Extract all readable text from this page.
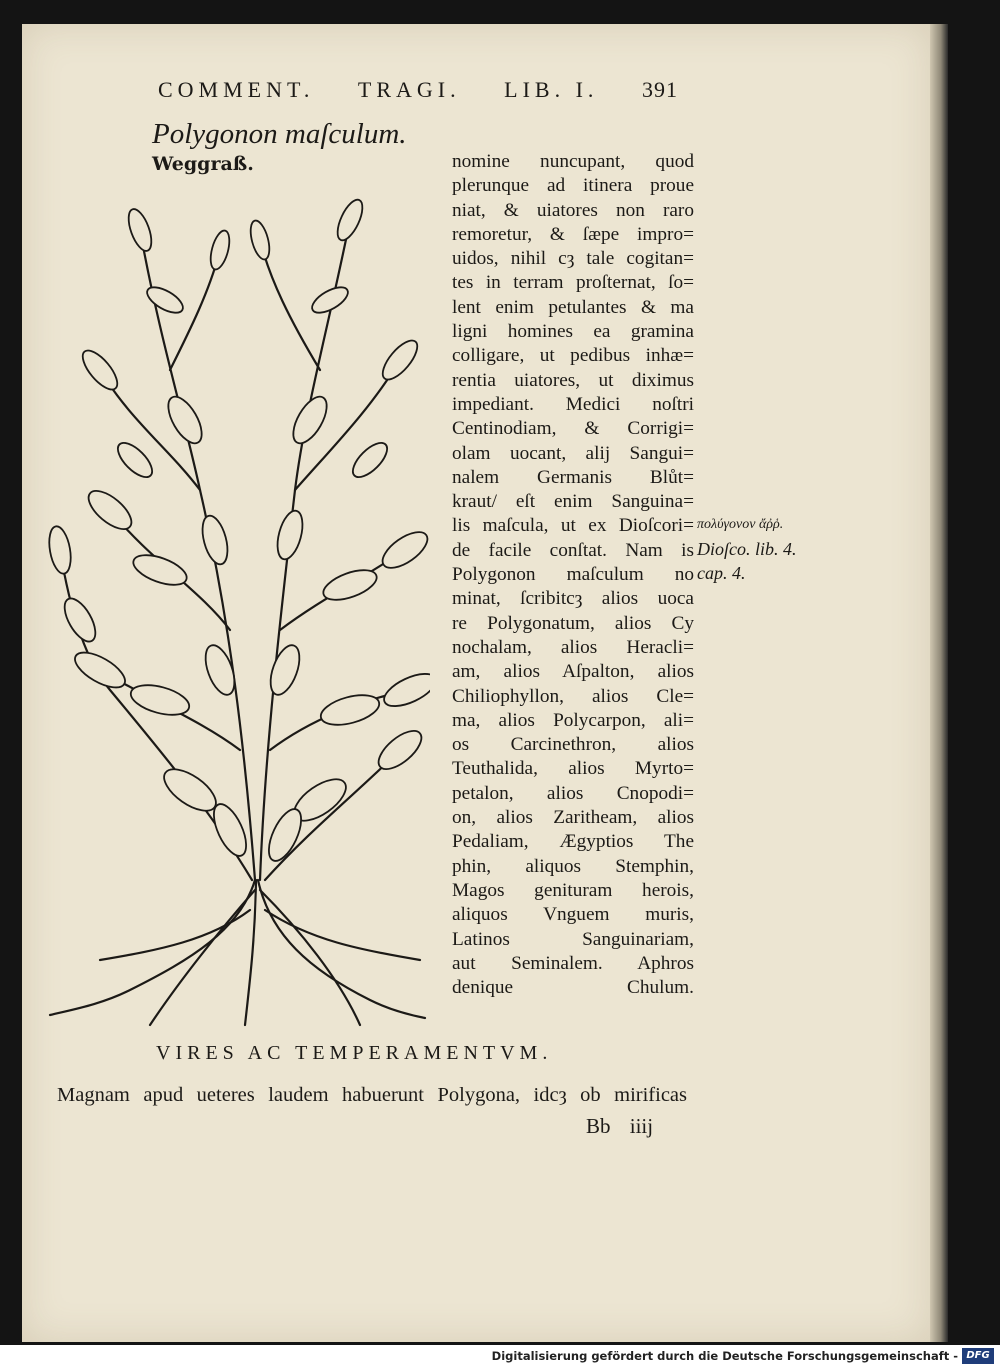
COMMENT. TRAGI. LIB. I. 391
Polygonon maſculum.
Weggraß.	nomine nuncupant, quod
plerunque ad itinera proue
niat, & uiatores non raro
remoretur, & ſæpe impro=
uidos, nihil cȝ tale cogitan=
tes in terram proſternat, ſo=
lent enim petulantes & ma
ligni homines ea gramina
colligare, ut pedibus inhæ=
rentia uiatores, ut diximus
impediant. Medici noſtri
Centinodiam, & Corrigi=
olam uocant, alij Sangui=
nalem Germanis Blůt=
kraut/ eſt enim Sanguina=
lis maſcula, ut ex Dioſcori=
de facile conſtat. Nam is
Polygonon maſculum no
minat, ſcribitcȝ alios uoca
re Polygonatum, alios Cy
nochalam, alios Heracli=
am, alios Aſpalton, alios
Chiliophyllon, alios Cle=
ma, alios Polycarpon, ali=
os Carcinethron, alios
Teuthalida, alios Myrto=
petalon, alios Cnopodi=
on, alios Zaritheam, alios
Pedaliam, Ægyptios The
phin, aliquos Stemphin,
Magos genituram herois,
aliquos Vnguem muris,
Latinos Sanguinariam,
aut Seminalem. Aphros
denique Chulum.
πολύγονον ἄῤῥ.
Dioſco. lib. 4.
cap. 4.
VIRES AC TEMPERAMENTVM.
Magnam apud ueteres laudem habuerunt Polygona, idcȝ ob mirificas
Bb iiij
Digitalisierung gefördert durch die Deutsche Forschungsgemeinschaft - DFG
